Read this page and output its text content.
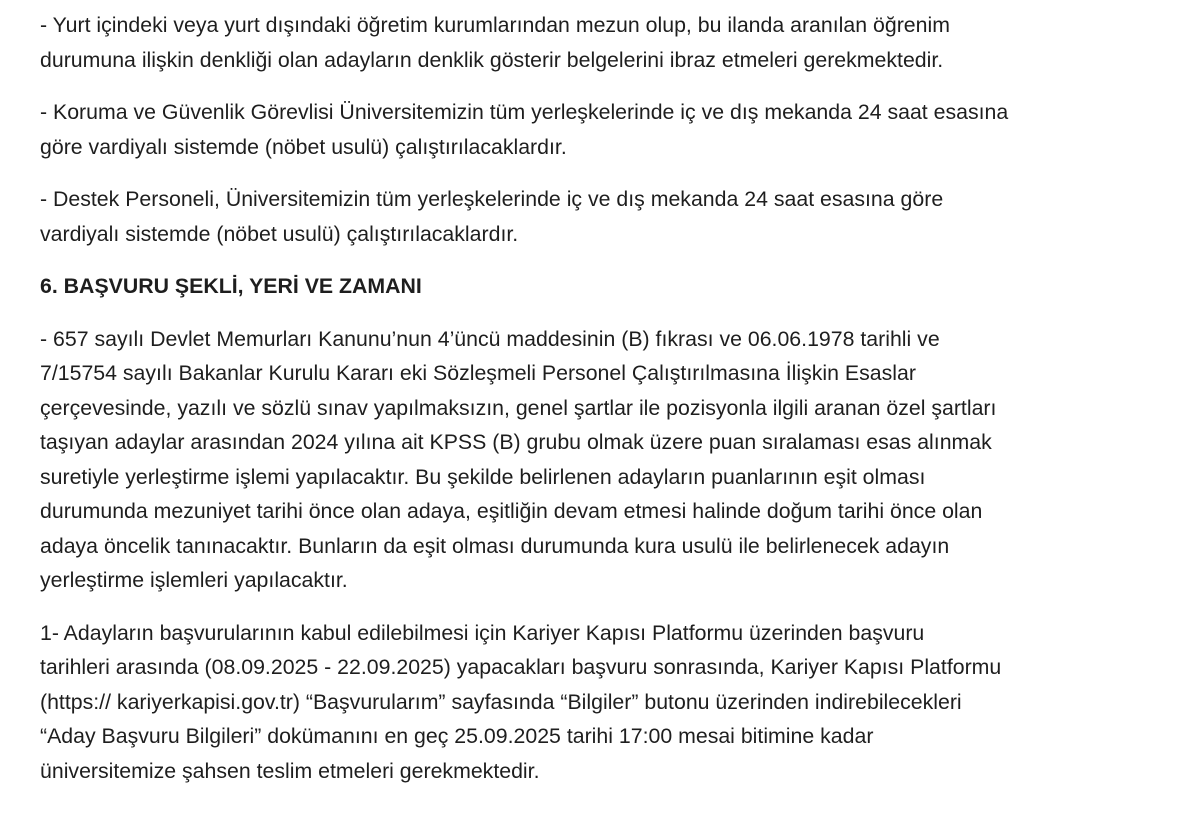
- Yurt içindeki veya yurt dışındaki öğretim kurumlarından mezun olup, bu ilanda aranılan öğrenim
durumuna ilişkin denkliği olan adayların denklik gösterir belgelerini ibraz etmeleri gerekmektedir.

- Koruma ve Güvenlik Görevlisi Üniversitemizin tüm yerleşkelerinde iç ve dış mekanda 24 saat esasına
göre vardiyalı sistemde (nöbet usulü) çalıştırılacaklardır.

- Destek Personeli, Üniversitemizin tüm yerleşkelerinde iç ve dış mekanda 24 saat esasına göre
vardiyalı sistemde (nöbet usulü) çalıştırılacaklardır.

6. BAŞVURU ŞEKLİ, YERİ VE ZAMANI

- 657 sayılı Devlet Memurları Kanunu’nun 4’üncü maddesinin (B) fıkrası ve 06.06.1978 tarihli ve
7/15754 sayılı Bakanlar Kurulu Kararı eki Sözleşmeli Personel Çalıştırılmasına İlişkin Esaslar
çerçevesinde, yazılı ve sözlü sınav yapılmaksızın, genel şartlar ile pozisyonla ilgili aranan özel şartları
taşıyan adaylar arasından 2024 yılına ait KPSS (B) grubu olmak üzere puan sıralaması esas alınmak
suretiyle yerleştirme işlemi yapılacaktır. Bu şekilde belirlenen adayların puanlarının eşit olması
durumunda mezuniyet tarihi önce olan adaya, eşitliğin devam etmesi halinde doğum tarihi önce olan
adaya öncelik tanınacaktır. Bunların da eşit olması durumunda kura usulü ile belirlenecek adayın
yerleştirme işlemleri yapılacaktır.

1- Adayların başvurularının kabul edilebilmesi için Kariyer Kapısı Platformu üzerinden başvuru
tarihleri arasında (08.09.2025 - 22.09.2025) yapacakları başvuru sonrasında, Kariyer Kapısı Platformu
(https:// kariyerkapisi.gov.tr) “Başvurularım” sayfasında “Bilgiler” butonu üzerinden indirebilecekleri
“Aday Başvuru Bilgileri” dokümanını en geç 25.09.2025 tarihi 17:00 mesai bitimine kadar
üniversitemize şahsen teslim etmeleri gerekmektedir.
